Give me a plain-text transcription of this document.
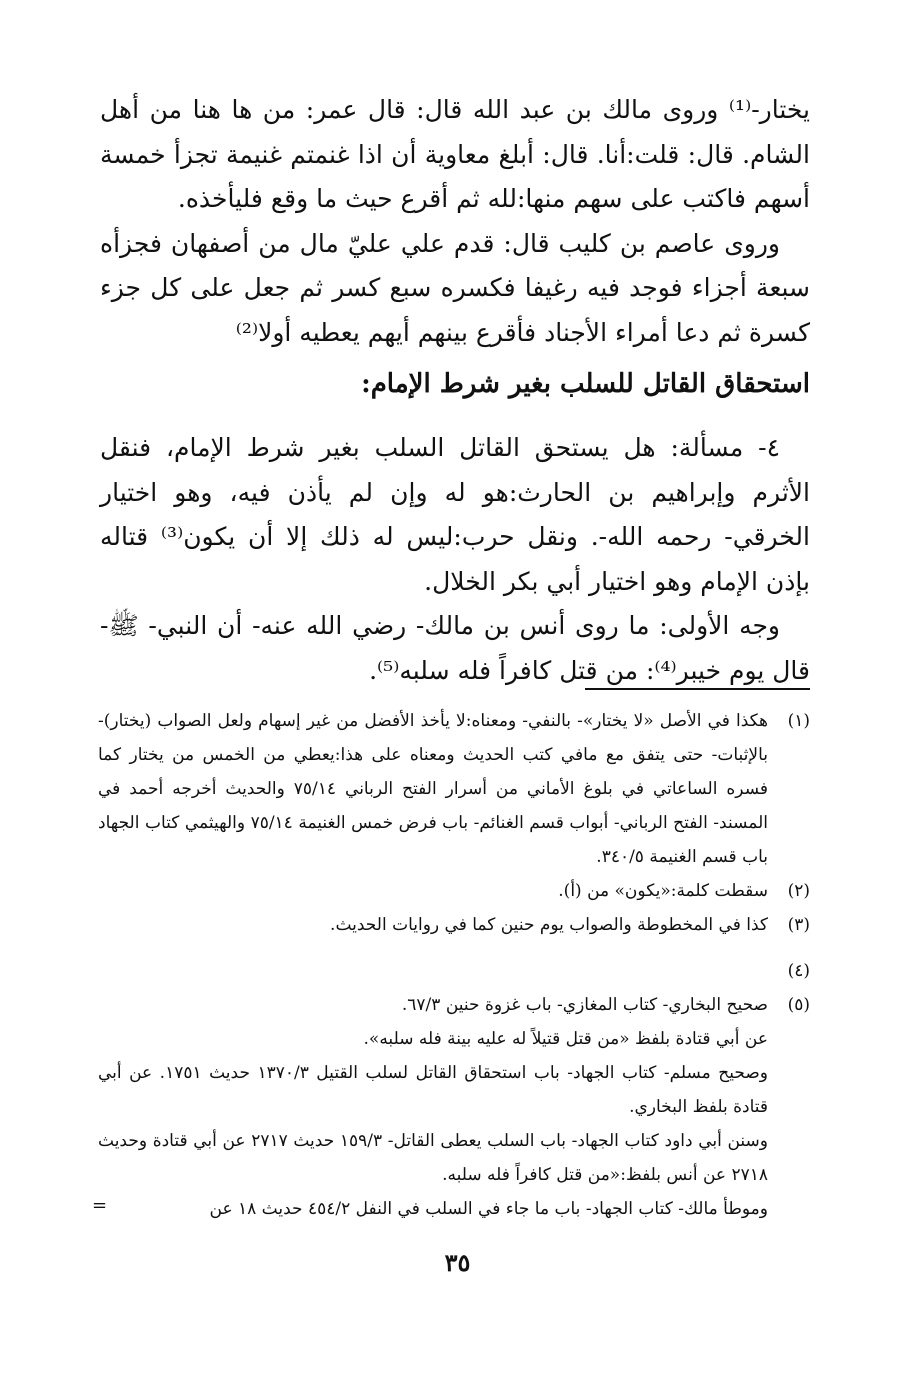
يختار-⁽¹⁾ وروى مالك بن عبد الله قال: قال عمر: من ها هنا من أهل الشام. قال: قلت:أنا. قال: أبلغ معاوية أن اذا غنمتم غنيمة تجزأ خمسة أسهم فاكتب على سهم منها:لله ثم أقرع حيث ما وقع فليأخذه.

وروى عاصم بن كليب قال: قدم علي عليّ مال من أصفهان فجزأه سبعة أجزاء فوجد فيه رغيفا فكسره سبع كسر ثم جعل على كل جزء كسرة ثم دعا أمراء الأجناد فأقرع بينهم أيهم يعطيه أولا⁽²⁾

استحقاق القاتل للسلب بغير شرط الإمام:

٤- مسألة: هل يستحق القاتل السلب بغير شرط الإمام، فنقل الأثرم وإبراهيم بن الحارث:هو له وإن لم يأذن فيه، وهو اختيار الخرقي- رحمه الله-. ونقل حرب:ليس له ذلك إلا أن يكون⁽³⁾ قتاله بإذن الإمام وهو اختيار أبي بكر الخلال.

وجه الأولى: ما روى أنس بن مالك- رضي الله عنه- أن النبي- ﷺ- قال يوم خيبر⁽⁴⁾: من قتل كافراً فله سلبه⁽⁵⁾.

(١)
هكذا في الأصل «لا يختار»- بالنفي- ومعناه:لا يأخذ الأفضل من غير إسهام ولعل الصواب (يختار)- بالإثبات- حتى يتفق مع مافي كتب الحديث ومعناه على هذا:يعطي من الخمس من يختار كما فسره الساعاتي في بلوغ الأماني من أسرار الفتح الرباني ٧٥/١٤ والحديث أخرجه أحمد في المسند- الفتح الرباني- أبواب قسم الغنائم- باب فرض خمس الغنيمة ٧٥/١٤ والهيثمي كتاب الجهاد باب قسم الغنيمة ٣٤٠/٥.
(٢)
سقطت كلمة:«يكون» من (أ).
(٣)
كذا في المخطوطة والصواب يوم حنين كما في روايات الحديث.
(٤)
(٥)
صحيح البخاري- كتاب المغازي- باب غزوة حنين ٦٧/٣.
عن أبي قتادة بلفظ «من قتل قتيلاً له عليه بينة فله سلبه».
وصحيح مسلم- كتاب الجهاد- باب استحقاق القاتل لسلب القتيل ١٣٧٠/٣ حديث ١٧٥١. عن أبي قتادة بلفظ البخاري.
وسنن أبي داود كتاب الجهاد- باب السلب يعطى القاتل- ١٥٩/٣ حديث ٢٧١٧ عن أبي قتادة وحديث ٢٧١٨ عن أنس بلفظ:«من قتل كافراً فله سلبه.
وموطأ مالك- كتاب الجهاد- باب ما جاء في السلب في النفل ٤٥٤/٢ حديث ١٨ عن
=
٣٥
